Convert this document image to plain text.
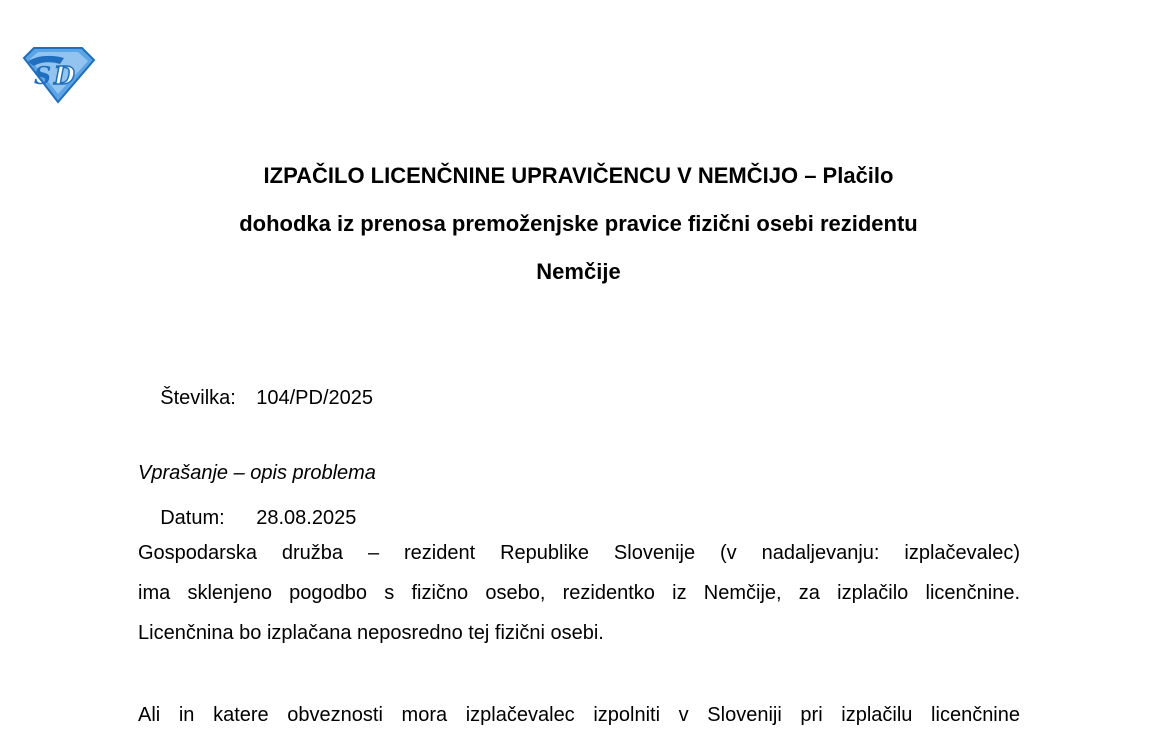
S D
IZPAČILO LICENČNINE UPRAVIČENCU V NEMČIJO – Plačilo
dohodka iz prenosa premoženjske pravice fizični osebi rezidentu
Nemčije

Številka: 104/PD/2025

Datum: 28.08.2025

Vprašanje – opis problema

Gospodarska družba – rezident Republike Slovenije (v nadaljevanju: izplačevalec)
ima sklenjeno pogodbo s fizično osebo, rezidentko iz Nemčije, za izplačilo licenčnine.
Licenčnina bo izplačana neposredno tej fizični osebi.

Ali in katere obveznosti mora izplačevalec izpolniti v Sloveniji pri izplačilu licenčnine
